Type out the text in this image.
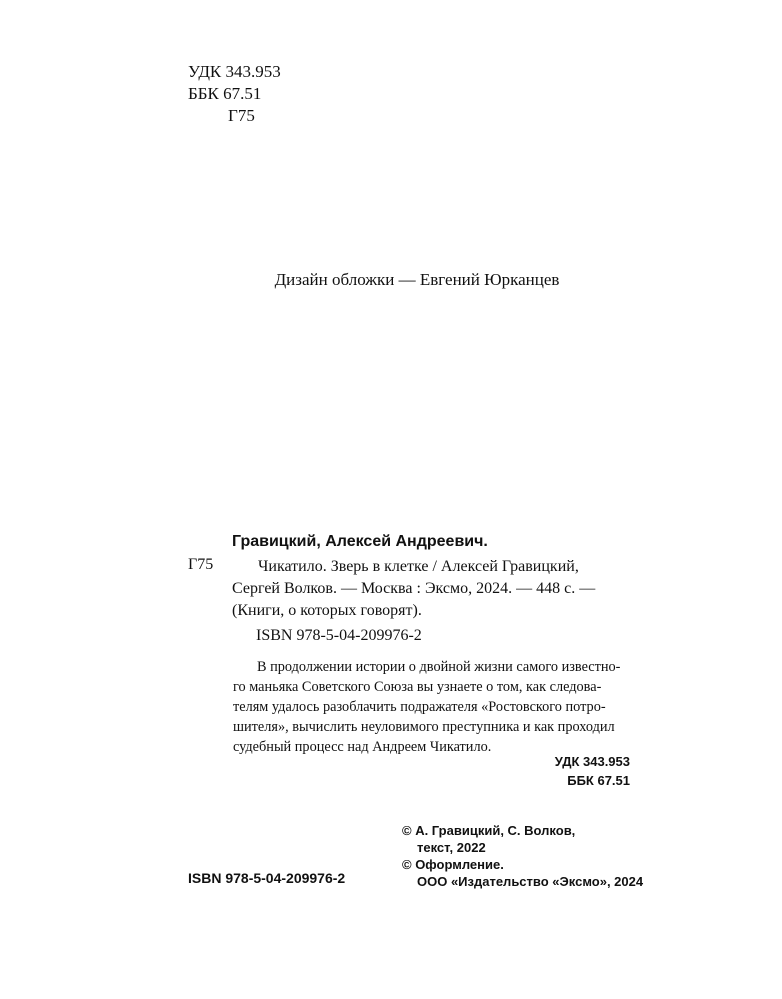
УДК 343.953
ББК 67.51
Г75
Дизайн обложки — Евгений Юрканцев
Гравицкий, Алексей Андреевич.
Г75	Чикатило. Зверь в клетке / Алексей Гравицкий,
Сергей Волков. — Москва : Эксмо, 2024. — 448 с. —
(Книги, о которых говорят).
ISBN 978-5-04-209976-2
В продолжении истории о двойной жизни самого известно-
го маньяка Советского Союза вы узнаете о том, как следова-
телям удалось разоблачить подражателя «Ростовского потро-
шителя», вычислить неуловимого преступника и как проходил
судебный процесс над Андреем Чикатило.
УДК 343.953
ББК 67.51
© А. Гравицкий, С. Волков,
текст, 2022
© Оформление.
ООО «Издательство «Эксмо», 2024
ISBN 978-5-04-209976-2
